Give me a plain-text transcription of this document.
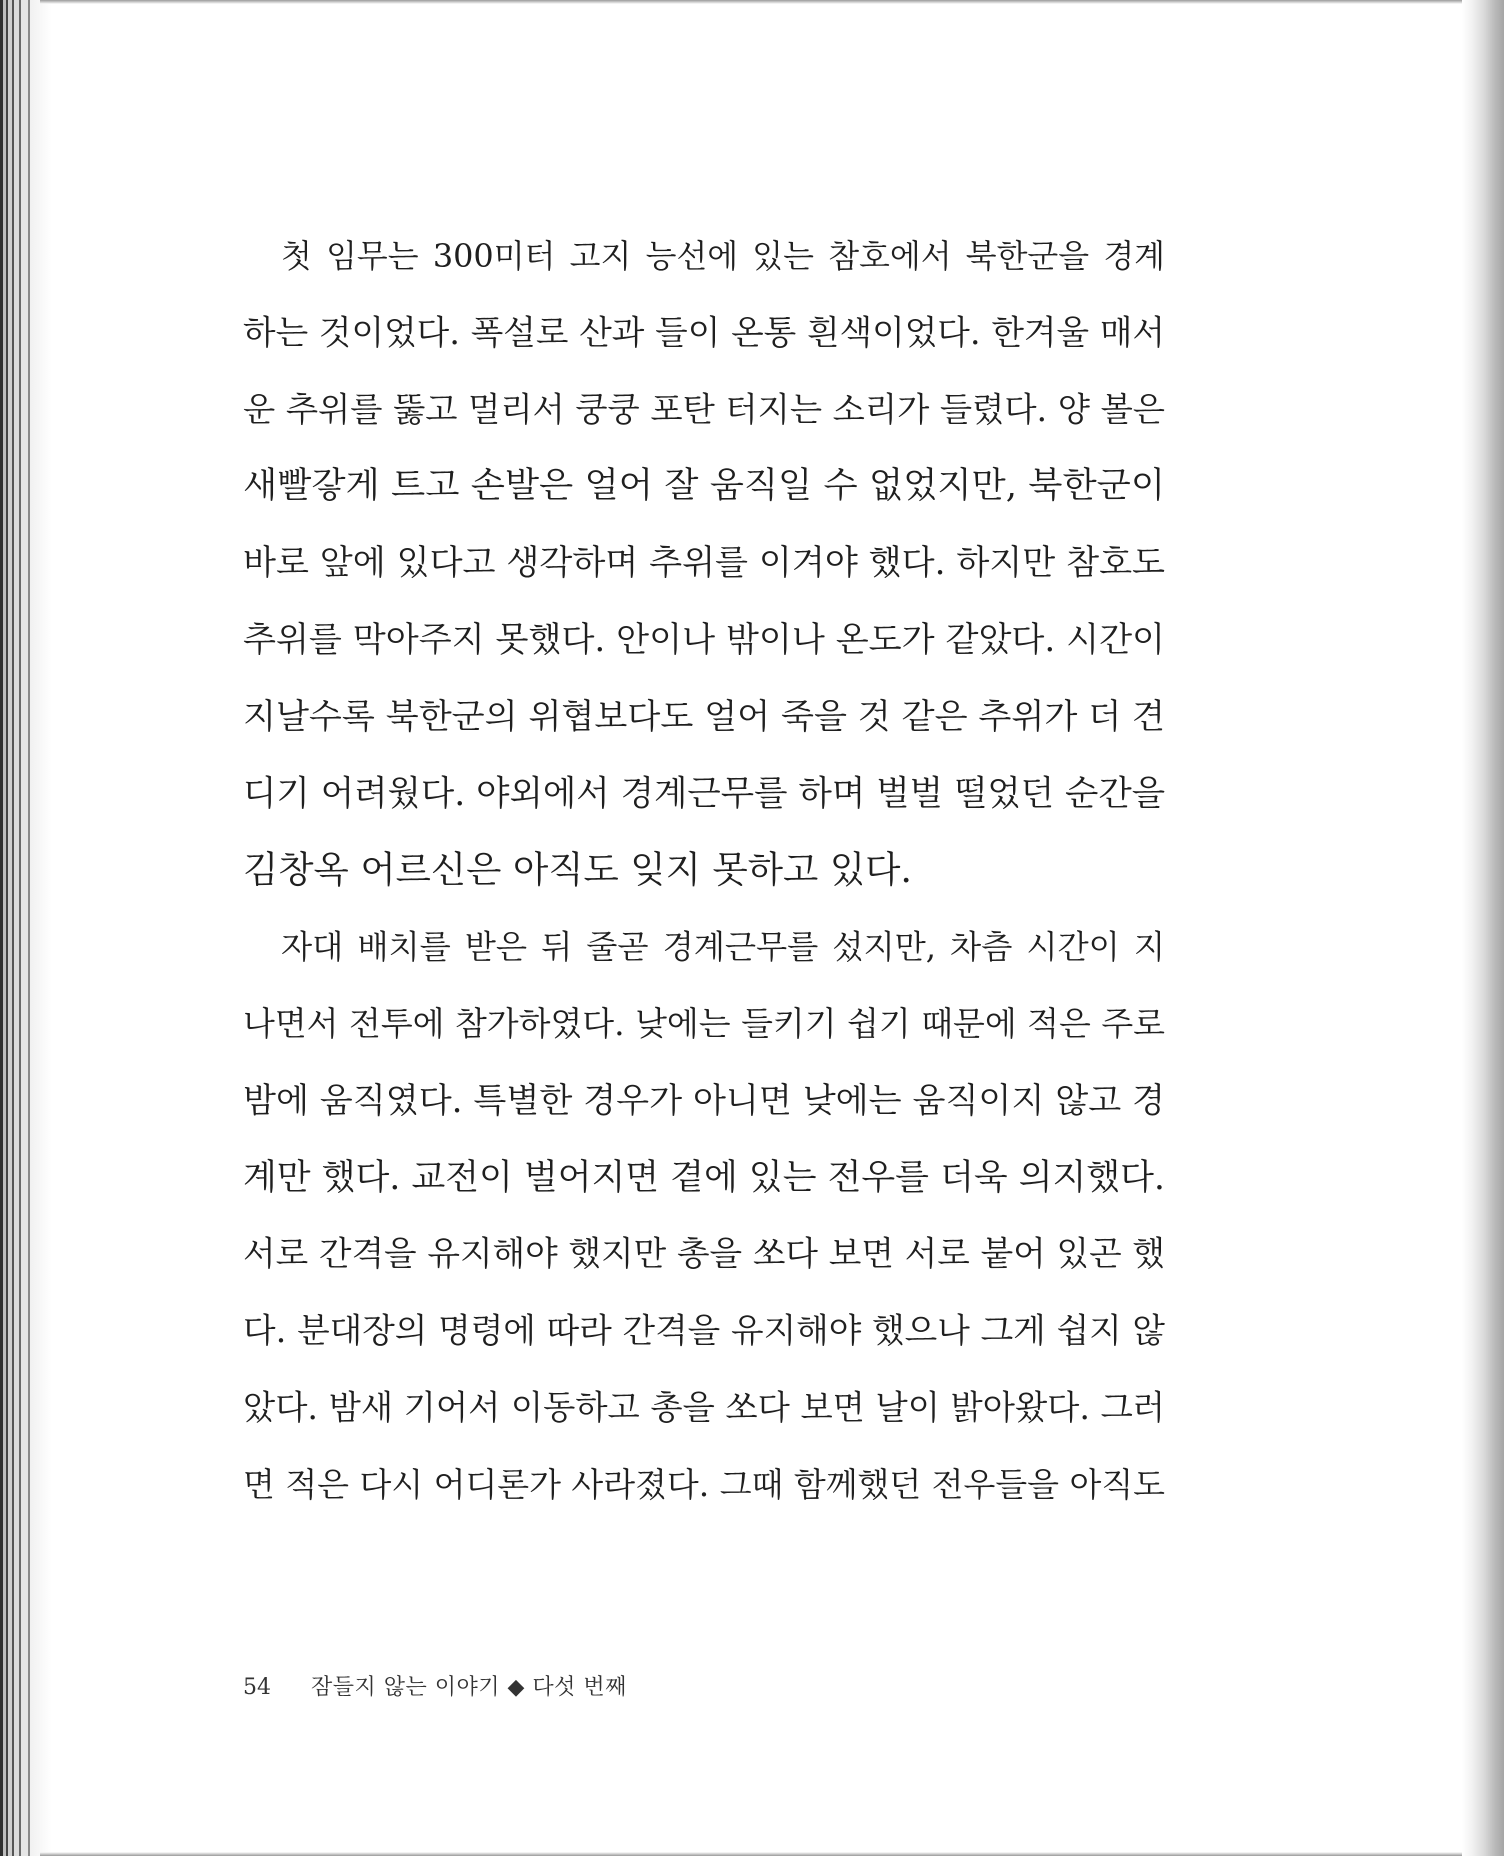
첫 임무는 300미터 고지 능선에 있는 참호에서 북한군을 경계
하는 것이었다. 폭설로 산과 들이 온통 흰색이었다. 한겨울 매서
운 추위를 뚫고 멀리서 쿵쿵 포탄 터지는 소리가 들렸다. 양 볼은
새빨갛게 트고 손발은 얼어 잘 움직일 수 없었지만, 북한군이
바로 앞에 있다고 생각하며 추위를 이겨야 했다. 하지만 참호도
추위를 막아주지 못했다. 안이나 밖이나 온도가 같았다. 시간이
지날수록 북한군의 위협보다도 얼어 죽을 것 같은 추위가 더 견
디기 어려웠다. 야외에서 경계근무를 하며 벌벌 떨었던 순간을
김창옥 어르신은 아직도 잊지 못하고 있다.

자대 배치를 받은 뒤 줄곧 경계근무를 섰지만, 차츰 시간이 지
나면서 전투에 참가하였다. 낮에는 들키기 쉽기 때문에 적은 주로
밤에 움직였다. 특별한 경우가 아니면 낮에는 움직이지 않고 경
계만 했다. 교전이 벌어지면 곁에 있는 전우를 더욱 의지했다.
서로 간격을 유지해야 했지만 총을 쏘다 보면 서로 붙어 있곤 했
다. 분대장의 명령에 따라 간격을 유지해야 했으나 그게 쉽지 않
았다. 밤새 기어서 이동하고 총을 쏘다 보면 날이 밝아왔다. 그러
면 적은 다시 어디론가 사라졌다. 그때 함께했던 전우들을 아직도

54 잠들지 않는 이야기 ◆ 다섯 번째
